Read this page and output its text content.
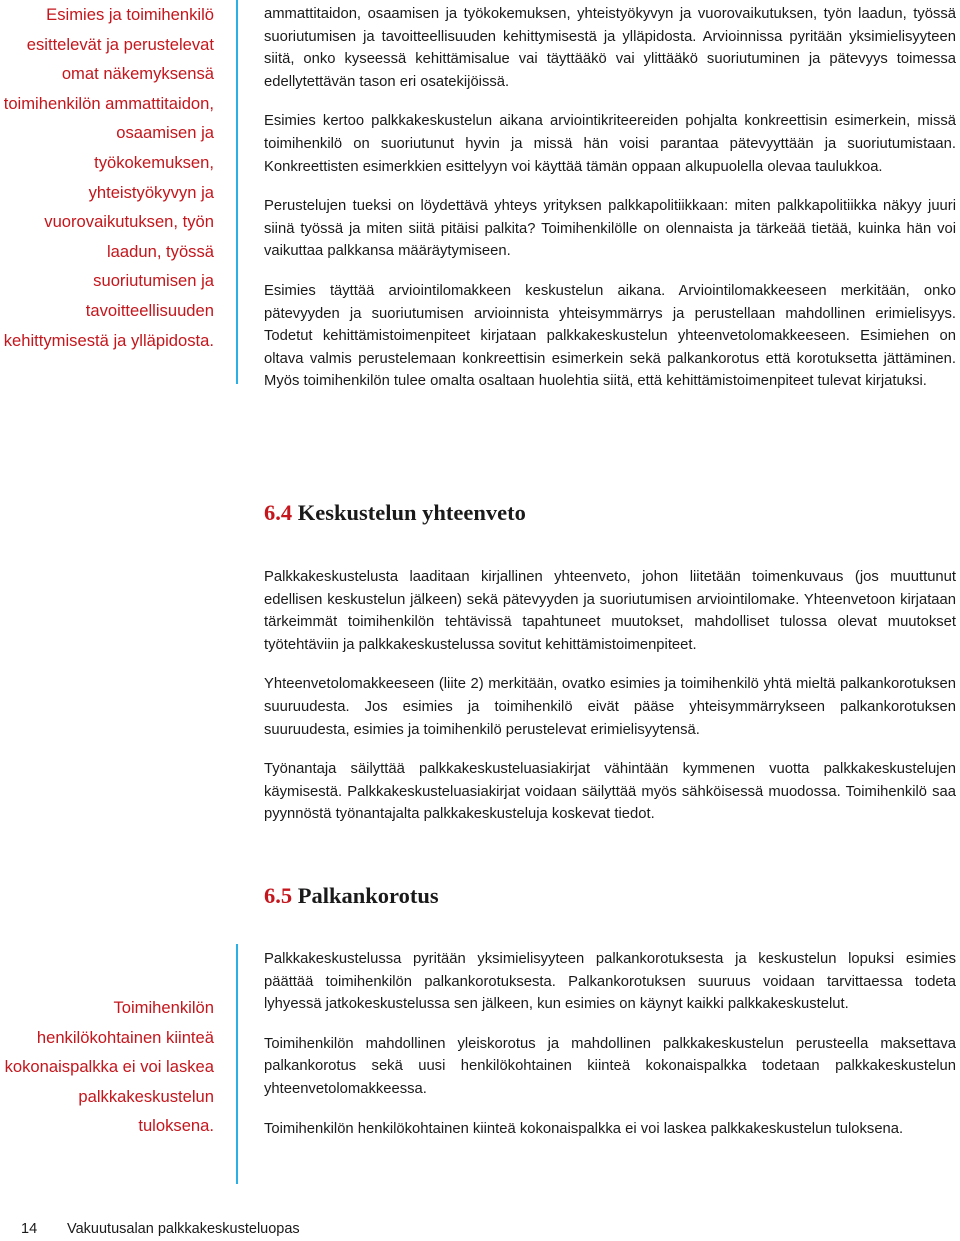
Esimies ja toimihenkilö esittelevät ja perustelevat omat näkemyksensä toimihenkilön ammattitaidon, osaamisen ja työkokemuksen, yhteistyökyvyn ja vuorovaikutuksen, työn laadun, työssä suoriutumisen ja tavoitteellisuuden kehittymisestä ja ylläpidosta.
Toimihenkilön henkilökohtainen kiinteä kokonaispalkka ei voi laskea palkkakeskustelun tuloksena.

ammattitaidon, osaamisen ja työkokemuksen, yhteistyökyvyn ja vuorovaikutuksen, työn laadun, työssä suoriutumisen ja tavoitteellisuuden kehittymisestä ja ylläpidosta. Arvioinnissa pyritään yksimielisyyteen siitä, onko kyseessä kehittämisalue vai täyttääkö vai ylittääkö suoriutuminen ja pätevyys toimessa edellytettävän tason eri osatekijöissä.

Esimies kertoo palkkakeskustelun aikana arviointikriteereiden pohjalta konkreettisin esimerkein, missä toimihenkilö on suoriutunut hyvin ja missä hän voisi parantaa pätevyyttään ja suoriutumistaan. Konkreettisten esimerkkien esittelyyn voi käyttää tämän oppaan alkupuolella olevaa taulukkoa.

Perustelujen tueksi on löydettävä yhteys yrityksen palkkapolitiikkaan: miten palkkapolitiikka näkyy juuri siinä työssä ja miten siitä pitäisi palkita? Toimihenkilölle on olennaista ja tärkeää tietää, kuinka hän voi vaikuttaa palkkansa määräytymiseen.

Esimies täyttää arviointilomakkeen keskustelun aikana. Arviointilomakkeeseen merkitään, onko pätevyyden ja suoriutumisen arvioinnista yhteisymmärrys ja perustellaan mahdollinen erimielisyys. Todetut kehittämistoimenpiteet kirjataan palkkakeskustelun yhteenvetolomakkeeseen. Esimiehen on oltava valmis perustelemaan konkreettisin esimerkein sekä palkankorotus että korotuksetta jättäminen. Myös toimihenkilön tulee omalta osaltaan huolehtia siitä, että kehittämistoimenpiteet tulevat kirjatuksi.

6.4 Keskustelun yhteenveto

Palkkakeskustelusta laaditaan kirjallinen yhteenveto, johon liitetään toimenkuvaus (jos muuttunut edellisen keskustelun jälkeen) sekä pätevyyden ja suoriutumisen arviointilomake. Yhteenvetoon kirjataan tärkeimmät toimihenkilön tehtävissä tapahtuneet muutokset, mahdolliset tulossa olevat muutokset työtehtäviin ja palkkakeskustelussa sovitut kehittämistoimenpiteet.

Yhteenvetolomakkeeseen (liite 2) merkitään, ovatko esimies ja toimihenkilö yhtä mieltä palkankorotuksen suuruudesta. Jos esimies ja toimihenkilö eivät pääse yhteisymmärrykseen palkankorotuksen suuruudesta, esimies ja toimihenkilö perustelevat erimielisyytensä.

Työnantaja säilyttää palkkakeskusteluasiakirjat vähintään kymmenen vuotta palkkakeskustelujen käymisestä. Palkkakeskusteluasiakirjat voidaan säilyttää myös sähköisessä muodossa. Toimihenkilö saa pyynnöstä työnantajalta palkkakeskusteluja koskevat tiedot.

6.5 Palkankorotus

Palkkakeskustelussa pyritään yksimielisyyteen palkankorotuksesta ja keskustelun lopuksi esimies päättää toimihenkilön palkankorotuksesta. Palkankorotuksen suuruus voidaan tarvittaessa todeta lyhyessä jatkokeskustelussa sen jälkeen, kun esimies on käynyt kaikki palkkakeskustelut.

Toimihenkilön mahdollinen yleiskorotus ja mahdollinen palkkakeskustelun perusteella maksettava palkankorotus sekä uusi henkilökohtainen kiinteä kokonaispalkka todetaan palkkakeskustelun yhteenvetolomakkeessa.

Toimihenkilön henkilökohtainen kiinteä kokonaispalkka ei voi laskea palkkakeskustelun tuloksena.

14 Vakuutusalan palkkakeskusteluopas
